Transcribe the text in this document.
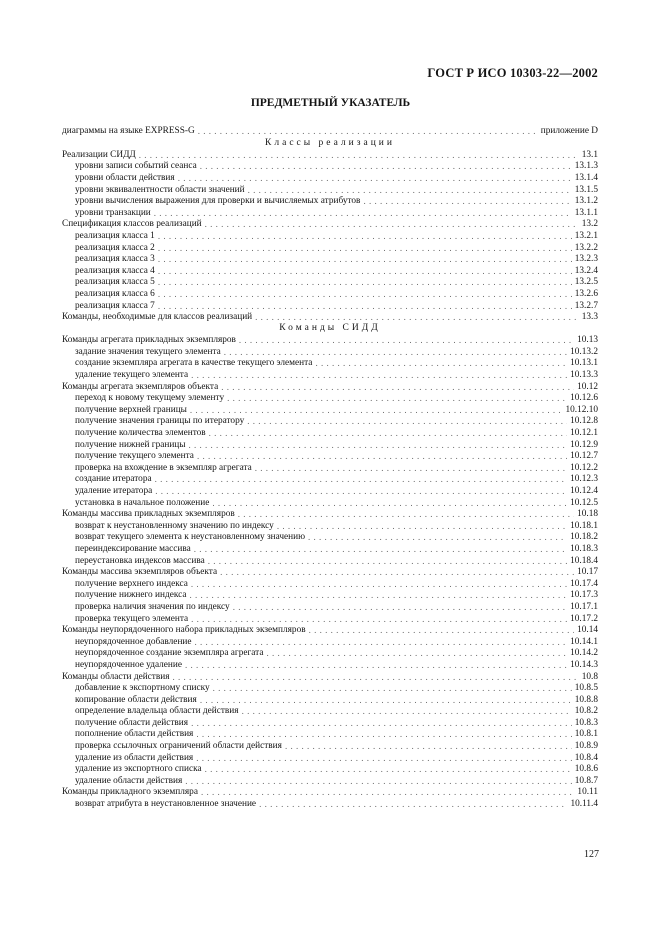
ГОСТ Р ИСО 10303-22—2002
ПРЕДМЕТНЫЙ УКАЗАТЕЛЬ
диаграммы на языке EXPRESS-G . . .	приложение D
Классы реализации
Реализации СИДД . . .	13.1
уровни записи событий сеанса . . .	13.1.3
уровни области действия . . .	13.1.4
уровни эквивалентности области значений . . .	13.1.5
уровни вычисления выражения для проверки и вычисляемых атрибутов . . .	13.1.2
уровни транзакции . . .	13.1.1
Спецификация классов реализаций . . .	13.2
реализация класса 1 . . .	13.2.1
реализация класса 2 . . .	13.2.2
реализация класса 3 . . .	13.2.3
реализация класса 4 . . .	13.2.4
реализация класса 5 . . .	13.2.5
реализация класса 6 . . .	13.2.6
реализация класса 7 . . .	13.2.7
Команды, необходимые для классов реализаций . . .	13.3
Команды СИДД
Команды агрегата прикладных экземпляров . . .	10.13
задание значения текущего элемента . . .	10.13.2
создание экземпляра агрегата в качестве текущего элемента . . .	10.13.1
удаление текущего элемента . . .	10.13.3
Команды агрегата экземпляров объекта . . .	10.12
переход к новому текущему элементу . . .	10.12.6
получение верхней границы . . .	10.12.10
получение значения границы по итератору . . .	10.12.8
получение количества элементов . . .	10.12.1
получение нижней границы . . .	10.12.9
получение текущего элемента . . .	10.12.7
проверка на вхождение в экземпляр агрегата . . .	10.12.2
создание итератора . . .	10.12.3
удаление итератора . . .	10.12.4
установка в начальное положение . . .	10.12.5
Команды массива прикладных экземпляров . . .	10.18
возврат к неустановленному значению по индексу . . .	10.18.1
возврат текущего элемента к неустановленному значению . . .	10.18.2
переиндексирование массива . . .	10.18.3
переустановка индексов массива . . .	10.18.4
Команды массива экземпляров объекта . . .	10.17
получение верхнего индекса . . .	10.17.4
получение нижнего индекса . . .	10.17.3
проверка наличия значения по индексу . . .	10.17.1
проверка текущего элемента . . .	10.17.2
Команды неупорядоченного набора прикладных экземпляров . . .	10.14
неупорядоченное добавление . . .	10.14.1
неупорядоченное создание экземпляра агрегата . . .	10.14.2
неупорядоченное удаление . . .	10.14.3
Команды области действия . . .	10.8
добавление к экспортному списку . . .	10.8.5
копирование области действия . . .	10.8.8
определение владельца области действия . . .	10.8.2
получение области действия . . .	10.8.3
пополнение области действия . . .	10.8.1
проверка ссылочных ограничений области действия . . .	10.8.9
удаление из области действия . . .	10.8.4
удаление из экспортного списка . . .	10.8.6
удаление области действия . . .	10.8.7
Команды прикладного экземпляра . . .	10.11
возврат атрибута в неустановленное значение . . .	10.11.4
127
